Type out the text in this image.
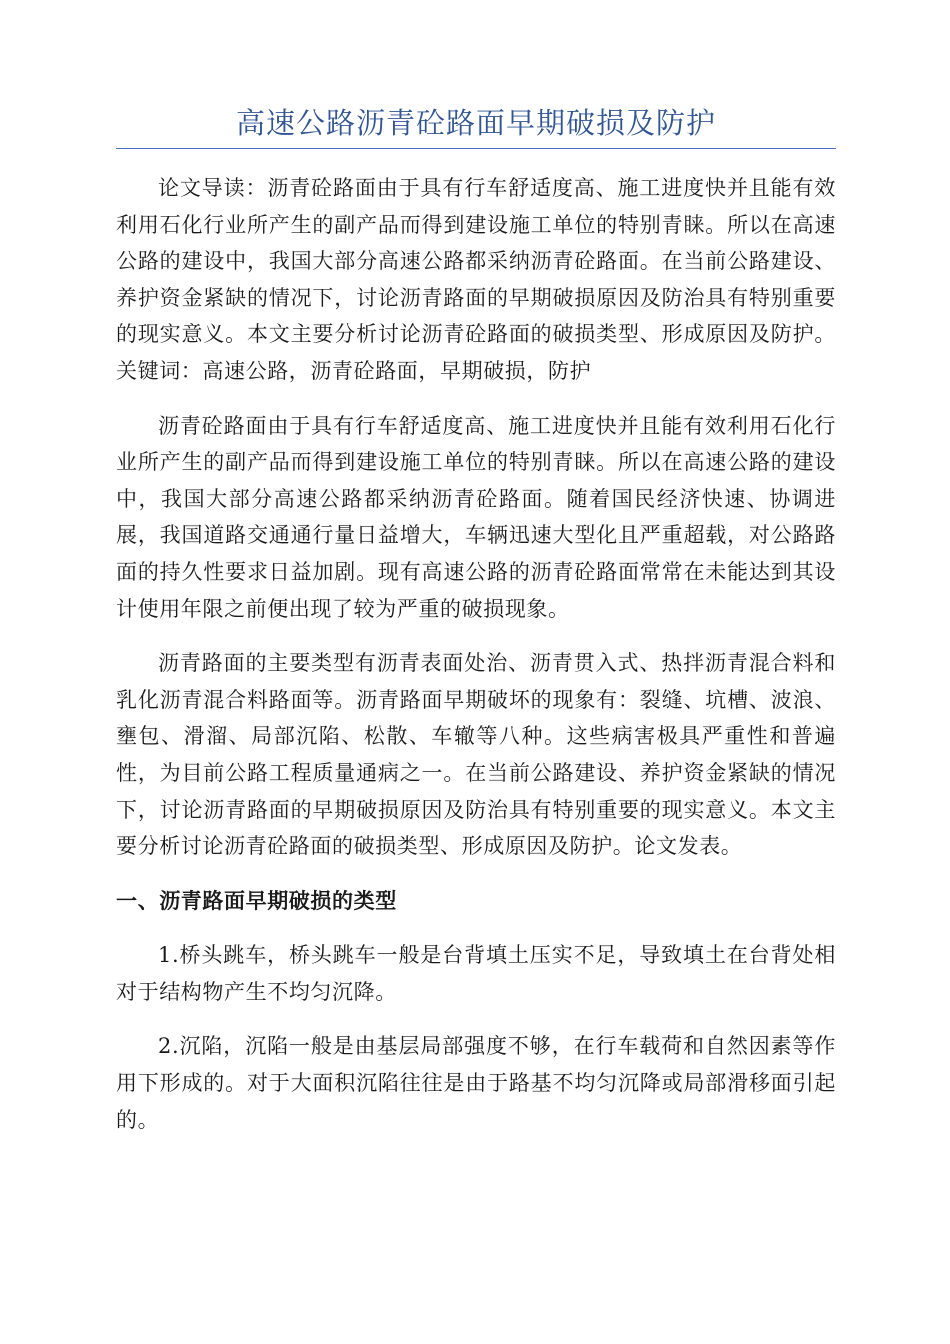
高速公路沥青砼路面早期破损及防护

论文导读：沥青砼路面由于具有行车舒适度高、施工进度快并且能有效利用石化行业所产生的副产品而得到建设施工单位的特别青睐。所以在高速公路的建设中，我国大部分高速公路都采纳沥青砼路面。在当前公路建设、养护资金紧缺的情况下，讨论沥青路面的早期破损原因及防治具有特别重要的现实意义。本文主要分析讨论沥青砼路面的破损类型、形成原因及防护。关键词：高速公路，沥青砼路面，早期破损，防护

沥青砼路面由于具有行车舒适度高、施工进度快并且能有效利用石化行业所产生的副产品而得到建设施工单位的特别青睐。所以在高速公路的建设中，我国大部分高速公路都采纳沥青砼路面。随着国民经济快速、协调进展，我国道路交通通行量日益增大，车辆迅速大型化且严重超载，对公路路面的持久性要求日益加剧。现有高速公路的沥青砼路面常常在未能达到其设计使用年限之前便出现了较为严重的破损现象。

沥青路面的主要类型有沥青表面处治、沥青贯入式、热拌沥青混合料和乳化沥青混合料路面等。沥青路面早期破坏的现象有：裂缝、坑槽、波浪、壅包、滑溜、局部沉陷、松散、车辙等八种。这些病害极具严重性和普遍性，为目前公路工程质量通病之一。在当前公路建设、养护资金紧缺的情况下，讨论沥青路面的早期破损原因及防治具有特别重要的现实意义。本文主要分析讨论沥青砼路面的破损类型、形成原因及防护。论文发表。

一、沥青路面早期破损的类型

1.桥头跳车，桥头跳车一般是台背填土压实不足，导致填土在台背处相对于结构物产生不均匀沉降。

2.沉陷，沉陷一般是由基层局部强度不够，在行车载荷和自然因素等作用下形成的。对于大面积沉陷往往是由于路基不均匀沉降或局部滑移面引起的。
